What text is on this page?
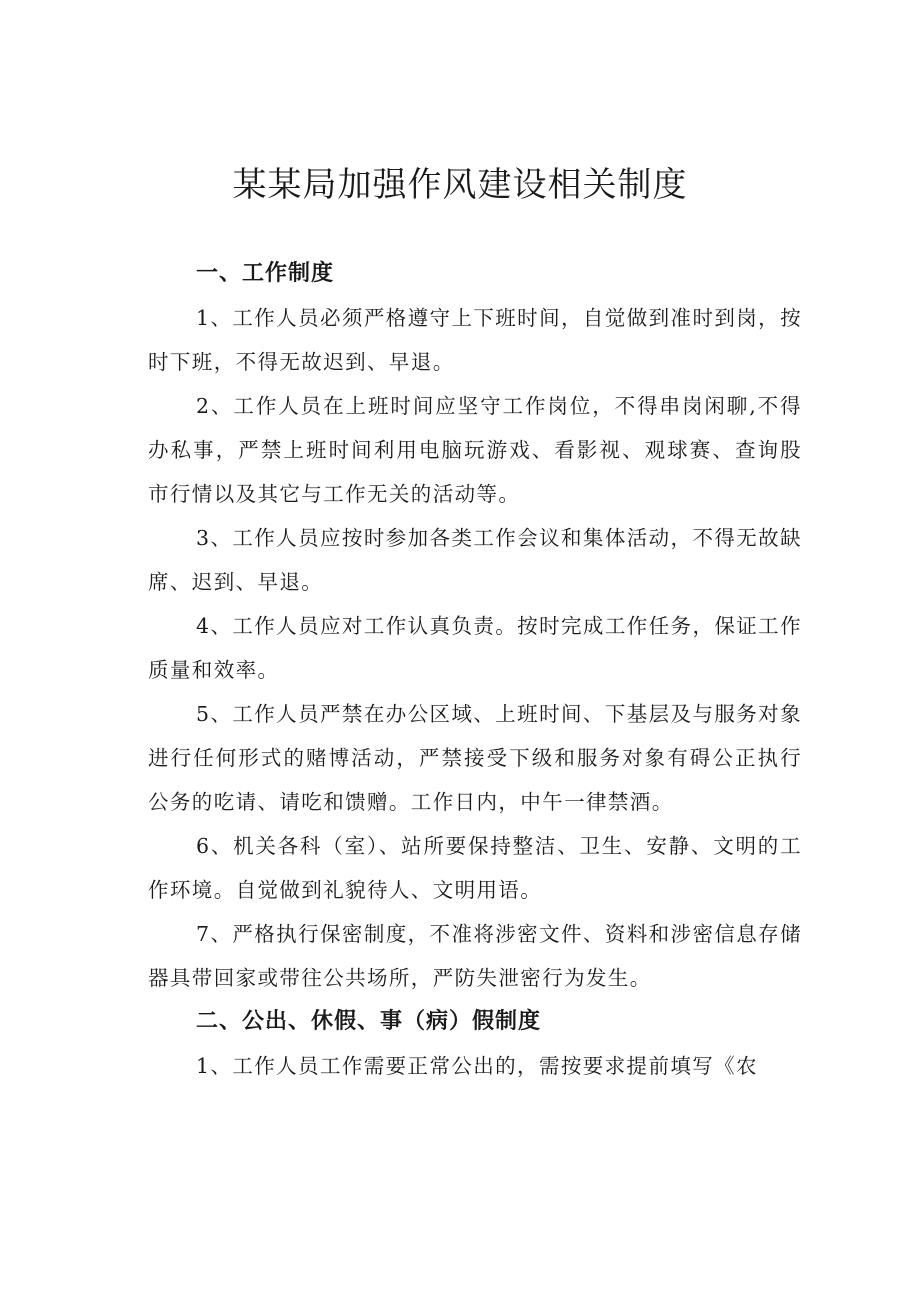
某某局加强作风建设相关制度

一、工作制度

1、工作人员必须严格遵守上下班时间，自觉做到准时到岗，按时下班，不得无故迟到、早退。

2、工作人员在上班时间应坚守工作岗位，不得串岗闲聊,不得办私事，严禁上班时间利用电脑玩游戏、看影视、观球赛、查询股市行情以及其它与工作无关的活动等。

3、工作人员应按时参加各类工作会议和集体活动，不得无故缺席、迟到、早退。

4、工作人员应对工作认真负责。按时完成工作任务，保证工作质量和效率。

5、工作人员严禁在办公区域、上班时间、下基层及与服务对象进行任何形式的赌博活动，严禁接受下级和服务对象有碍公正执行公务的吃请、请吃和馈赠。工作日内，中午一律禁酒。

6、机关各科（室）、站所要保持整洁、卫生、安静、文明的工作环境。自觉做到礼貌待人、文明用语。

7、严格执行保密制度，不准将涉密文件、资料和涉密信息存储器具带回家或带往公共场所，严防失泄密行为发生。

二、公出、休假、事（病）假制度

1、工作人员工作需要正常公出的，需按要求提前填写《农
